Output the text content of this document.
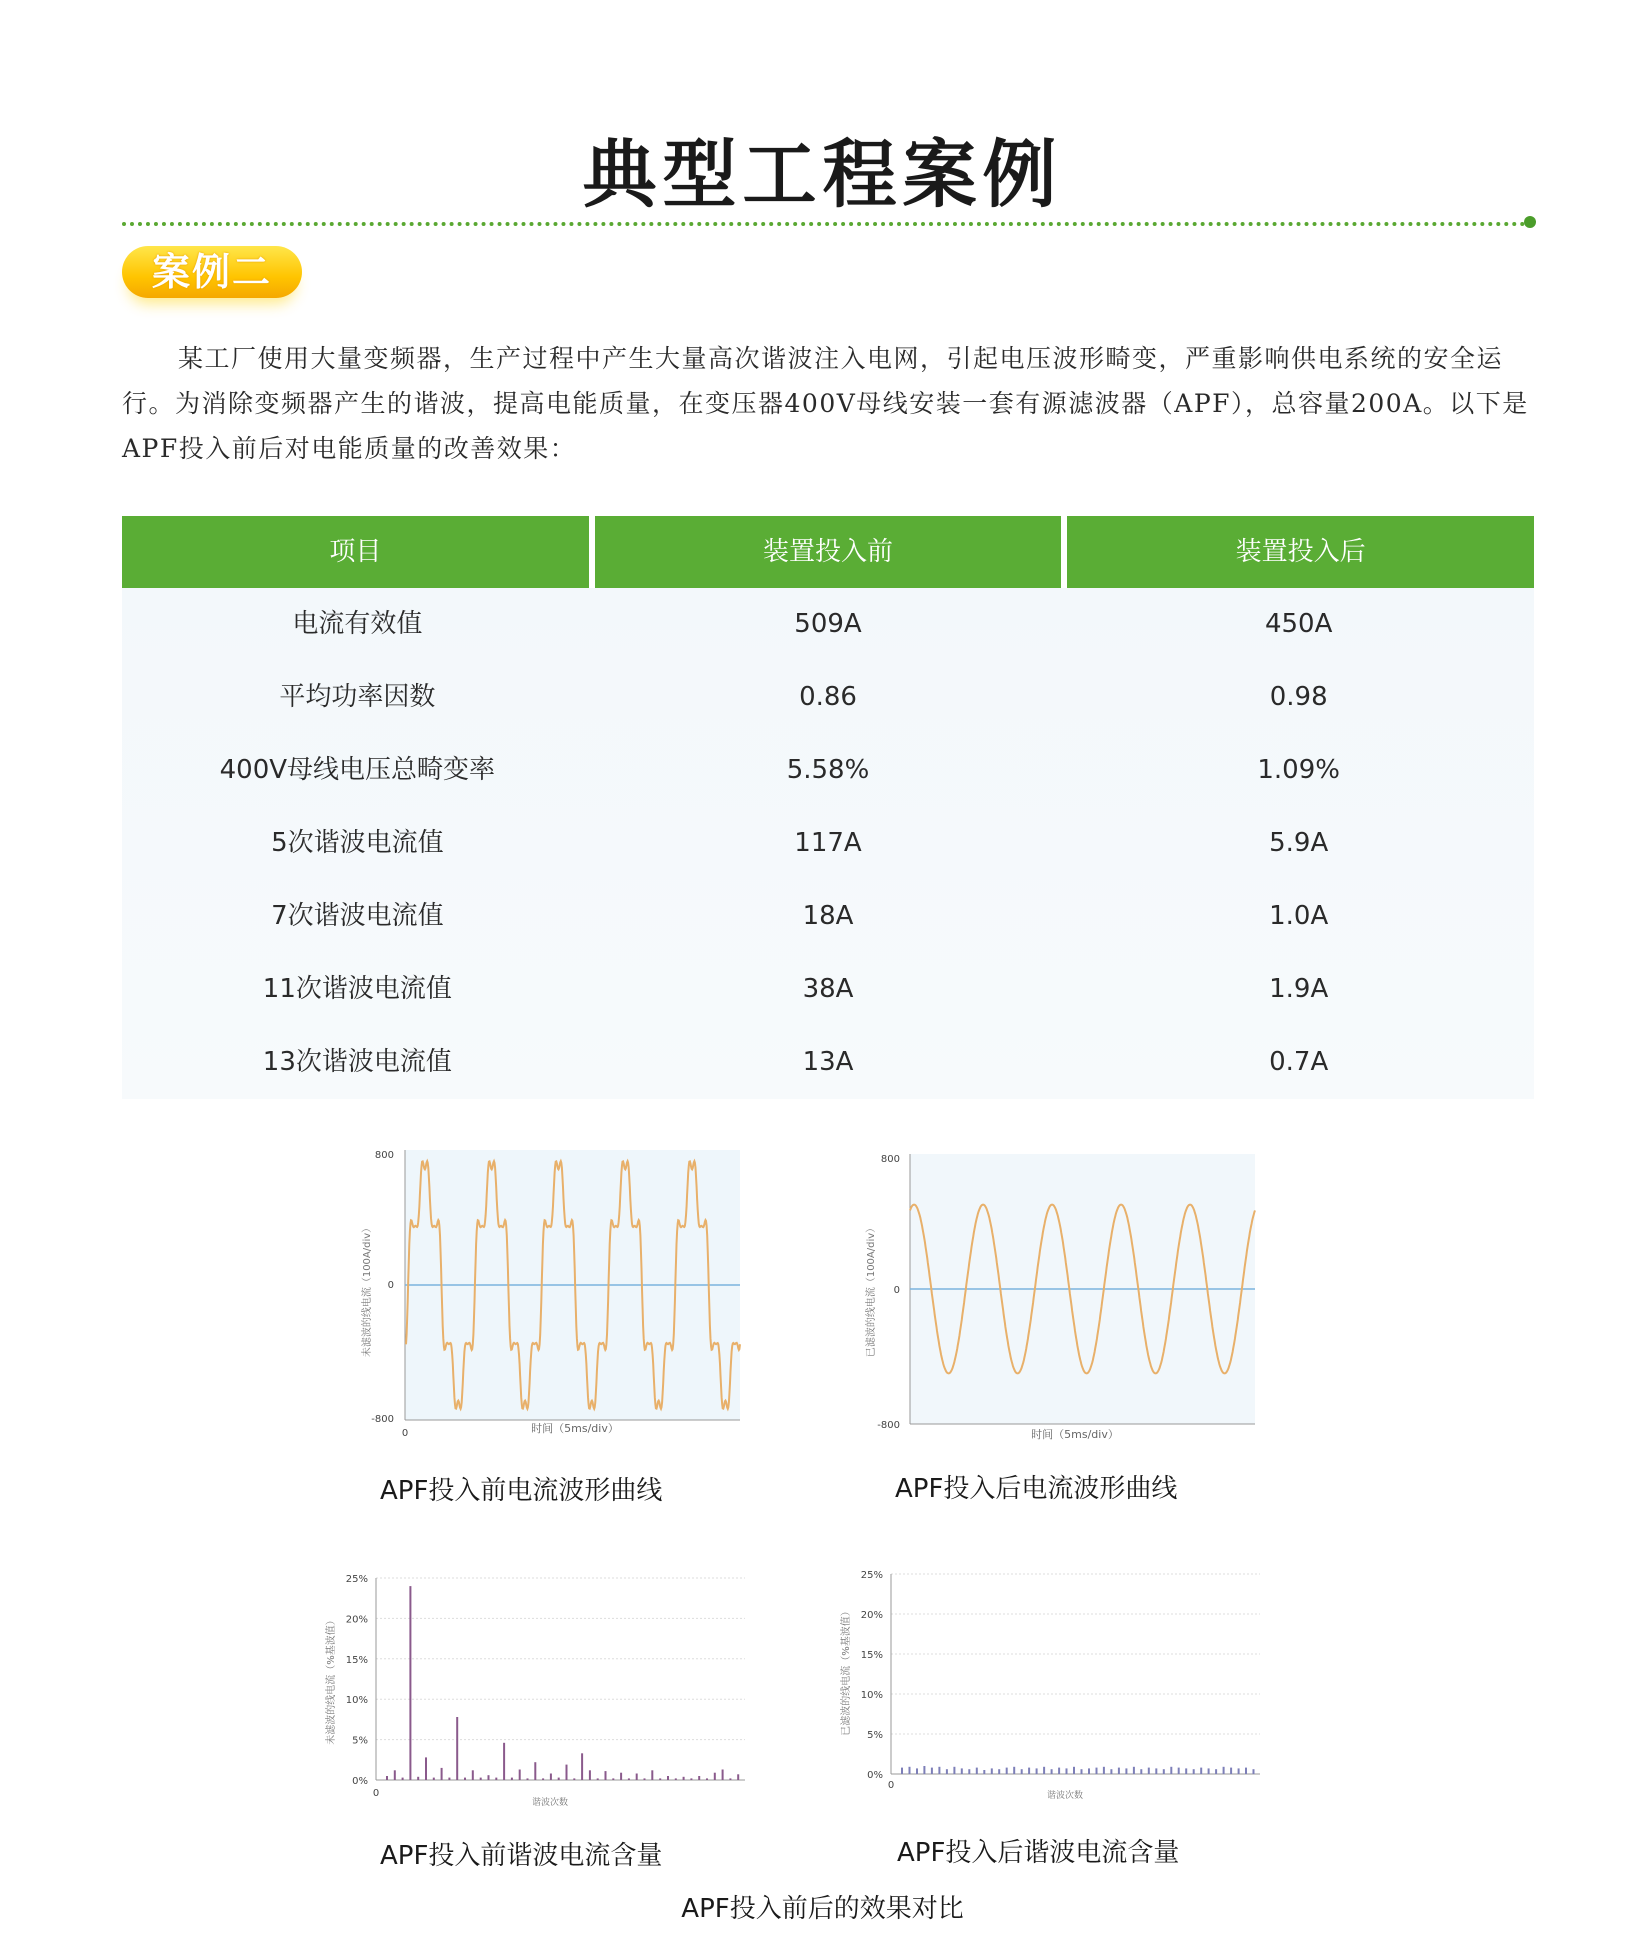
典型工程案例
案例二

某工厂使用大量变频器，生产过程中产生大量高次谐波注入电网，引起电压波形畸变，严重影响供电系统的安全运行。为消除变频器产生的谐波，提高电能质量，在变压器400V母线安装一套有源滤波器（APF），总容量200A。以下是APF投入前后对电能质量的改善效果：

项目	装置投入前	装置投入后
电流有效值	509A	450A
平均功率因数	0.86	0.98
400V母线电压总畸变率	5.58%	1.09%
5次谐波电流值	117A	5.9A
7次谐波电流值	18A	1.0A
11次谐波电流值	38A	1.9A
13次谐波电流值	13A	0.7A
未滤波的线电流（100A/div）
800
0
-800
0	时间（5ms/div）
APF投入前电流波形曲线
已滤波的线电流（100A/div）
800
0
-800
时间（5ms/div）
APF投入后电流波形曲线
未滤波的线电流（%基波值）
25%
20%
15%
10%
5%
0%
0
谐波次数
APF投入前谐波电流含量
已滤波的线电流（%基波值）
25%
20%
15%
10%
5%
0%
0
谐波次数
APF投入后谐波电流含量
APF投入前后的效果对比
